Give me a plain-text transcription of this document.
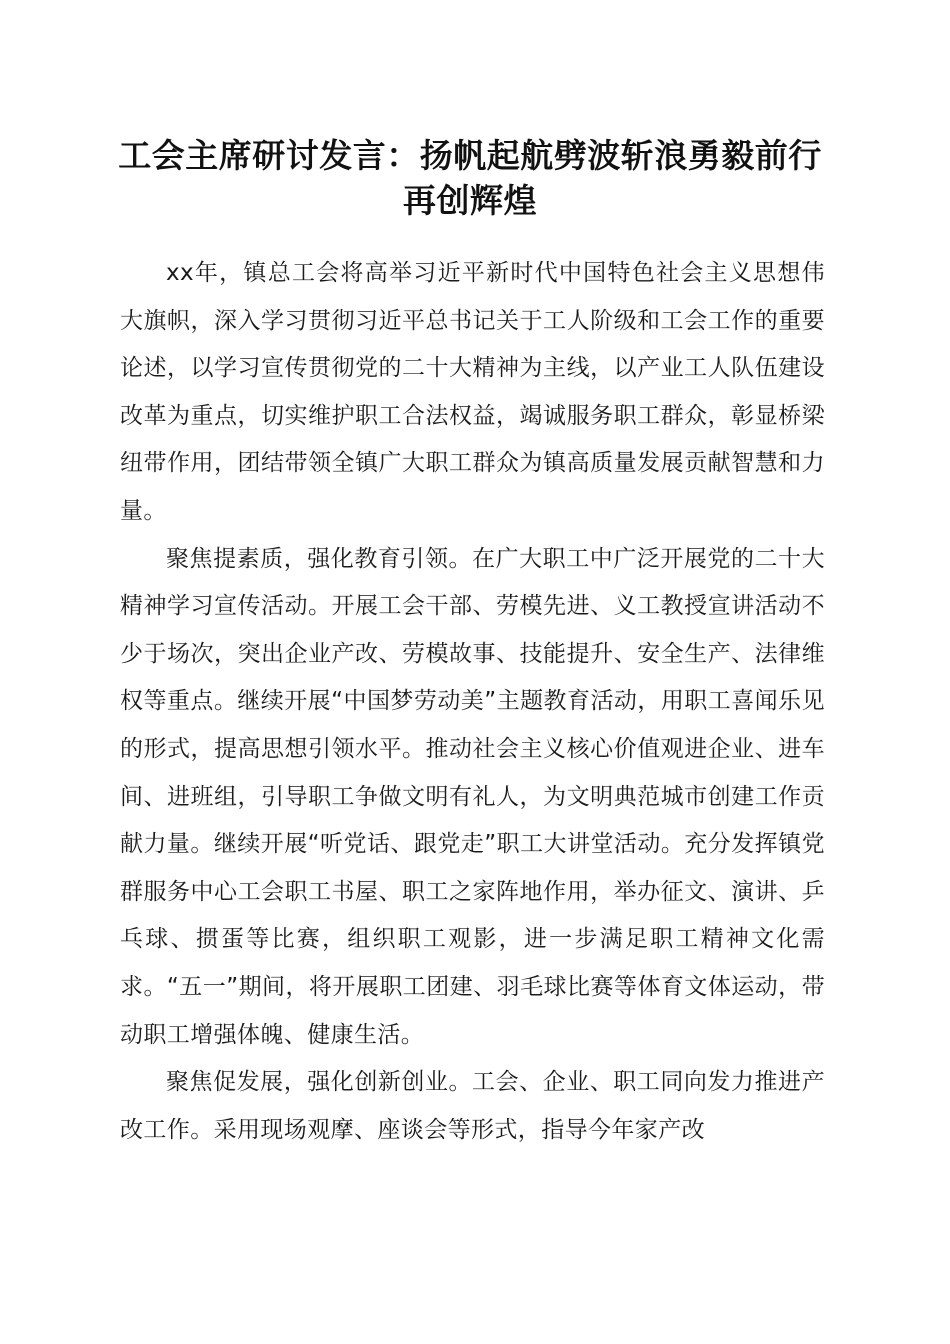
工会主席研讨发言：扬帆起航劈波斩浪勇毅前行再创辉煌

xx年，镇总工会将高举习近平新时代中国特色社会主义思想伟大旗帜，深入学习贯彻习近平总书记关于工人阶级和工会工作的重要论述，以学习宣传贯彻党的二十大精神为主线，以产业工人队伍建设改革为重点，切实维护职工合法权益，竭诚服务职工群众，彰显桥梁纽带作用，团结带领全镇广大职工群众为镇高质量发展贡献智慧和力量。

聚焦提素质，强化教育引领。在广大职工中广泛开展党的二十大精神学习宣传活动。开展工会干部、劳模先进、义工教授宣讲活动不少于场次，突出企业产改、劳模故事、技能提升、安全生产、法律维权等重点。继续开展“中国梦劳动美”主题教育活动，用职工喜闻乐见的形式，提高思想引领水平。推动社会主义核心价值观进企业、进车间、进班组，引导职工争做文明有礼人，为文明典范城市创建工作贡献力量。继续开展“听党话、跟党走”职工大讲堂活动。充分发挥镇党群服务中心工会职工书屋、职工之家阵地作用，举办征文、演讲、乒乓球、掼蛋等比赛，组织职工观影，进一步满足职工精神文化需求。“五一”期间，将开展职工团建、羽毛球比赛等体育文体运动，带动职工增强体魄、健康生活。

聚焦促发展，强化创新创业。工会、企业、职工同向发力推进产改工作。采用现场观摩、座谈会等形式，指导今年家产改
